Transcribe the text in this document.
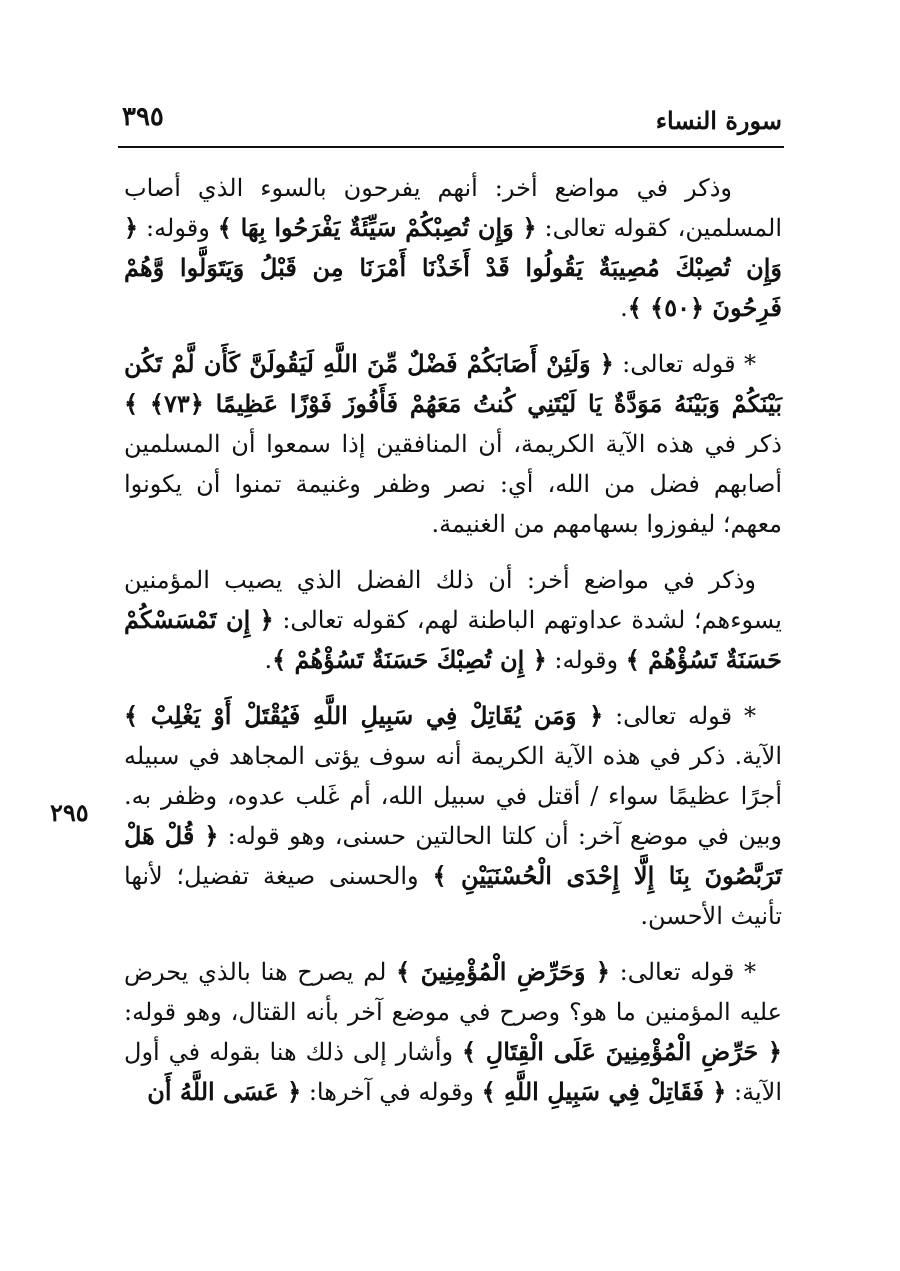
سورة النساء
٣٩٥
٢٩٥

وذكر في مواضع أخر: أنهم يفرحون بالسوء الذي أصاب المسلمين، كقوله تعالى: ﴿ وَإِن تُصِبْكُمْ سَيِّئَةٌ يَفْرَحُوا بِهَا ﴾ وقوله: ﴿ وَإِن تُصِبْكَ مُصِيبَةٌ يَقُولُوا قَدْ أَخَذْنَا أَمْرَنَا مِن قَبْلُ وَيَتَوَلَّوا وَّهُمْ فَرِحُونَ ﴿٥٠﴾ ﴾.

* قوله تعالى: ﴿ وَلَئِنْ أَصَابَكُمْ فَضْلٌ مِّنَ اللَّهِ لَيَقُولَنَّ كَأَن لَّمْ تَكُن بَيْنَكُمْ وَبَيْنَهُ مَوَدَّةٌ يَا لَيْتَنِي كُنتُ مَعَهُمْ فَأَفُوزَ فَوْزًا عَظِيمًا ﴿٧٣﴾ ﴾ ذكر في هذه الآية الكريمة، أن المنافقين إذا سمعوا أن المسلمين أصابهم فضل من الله، أي: نصر وظفر وغنيمة تمنوا أن يكونوا معهم؛ ليفوزوا بسهامهم من الغنيمة.

وذكر في مواضع أخر: أن ذلك الفضل الذي يصيب المؤمنين يسوءهم؛ لشدة عداوتهم الباطنة لهم، كقوله تعالى: ﴿ إِن تَمْسَسْكُمْ حَسَنَةٌ تَسُؤْهُمْ ﴾ وقوله: ﴿ إِن تُصِبْكَ حَسَنَةٌ تَسُؤْهُمْ ﴾.

* قوله تعالى: ﴿ وَمَن يُقَاتِلْ فِي سَبِيلِ اللَّهِ فَيُقْتَلْ أَوْ يَغْلِبْ ﴾ الآية. ذكر في هذه الآية الكريمة أنه سوف يؤتى المجاهد في سبيله أجرًا عظيمًا سواء / أقتل في سبيل الله، أم غَلب عدوه، وظفر به. وبين في موضع آخر: أن كلتا الحالتين حسنى، وهو قوله: ﴿ قُلْ هَلْ تَرَبَّصُونَ بِنَا إِلَّا إِحْدَى الْحُسْنَيَيْنِ ﴾ والحسنى صيغة تفضيل؛ لأنها تأنيث الأحسن.

* قوله تعالى: ﴿ وَحَرِّضِ الْمُؤْمِنِينَ ﴾ لم يصرح هنا بالذي يحرض عليه المؤمنين ما هو؟ وصرح في موضع آخر بأنه القتال، وهو قوله: ﴿ حَرِّضِ الْمُؤْمِنِينَ عَلَى الْقِتَالِ ﴾ وأشار إلى ذلك هنا بقوله في أول الآية: ﴿ فَقَاتِلْ فِي سَبِيلِ اللَّهِ ﴾ وقوله في آخرها: ﴿ عَسَى اللَّهُ أَن
